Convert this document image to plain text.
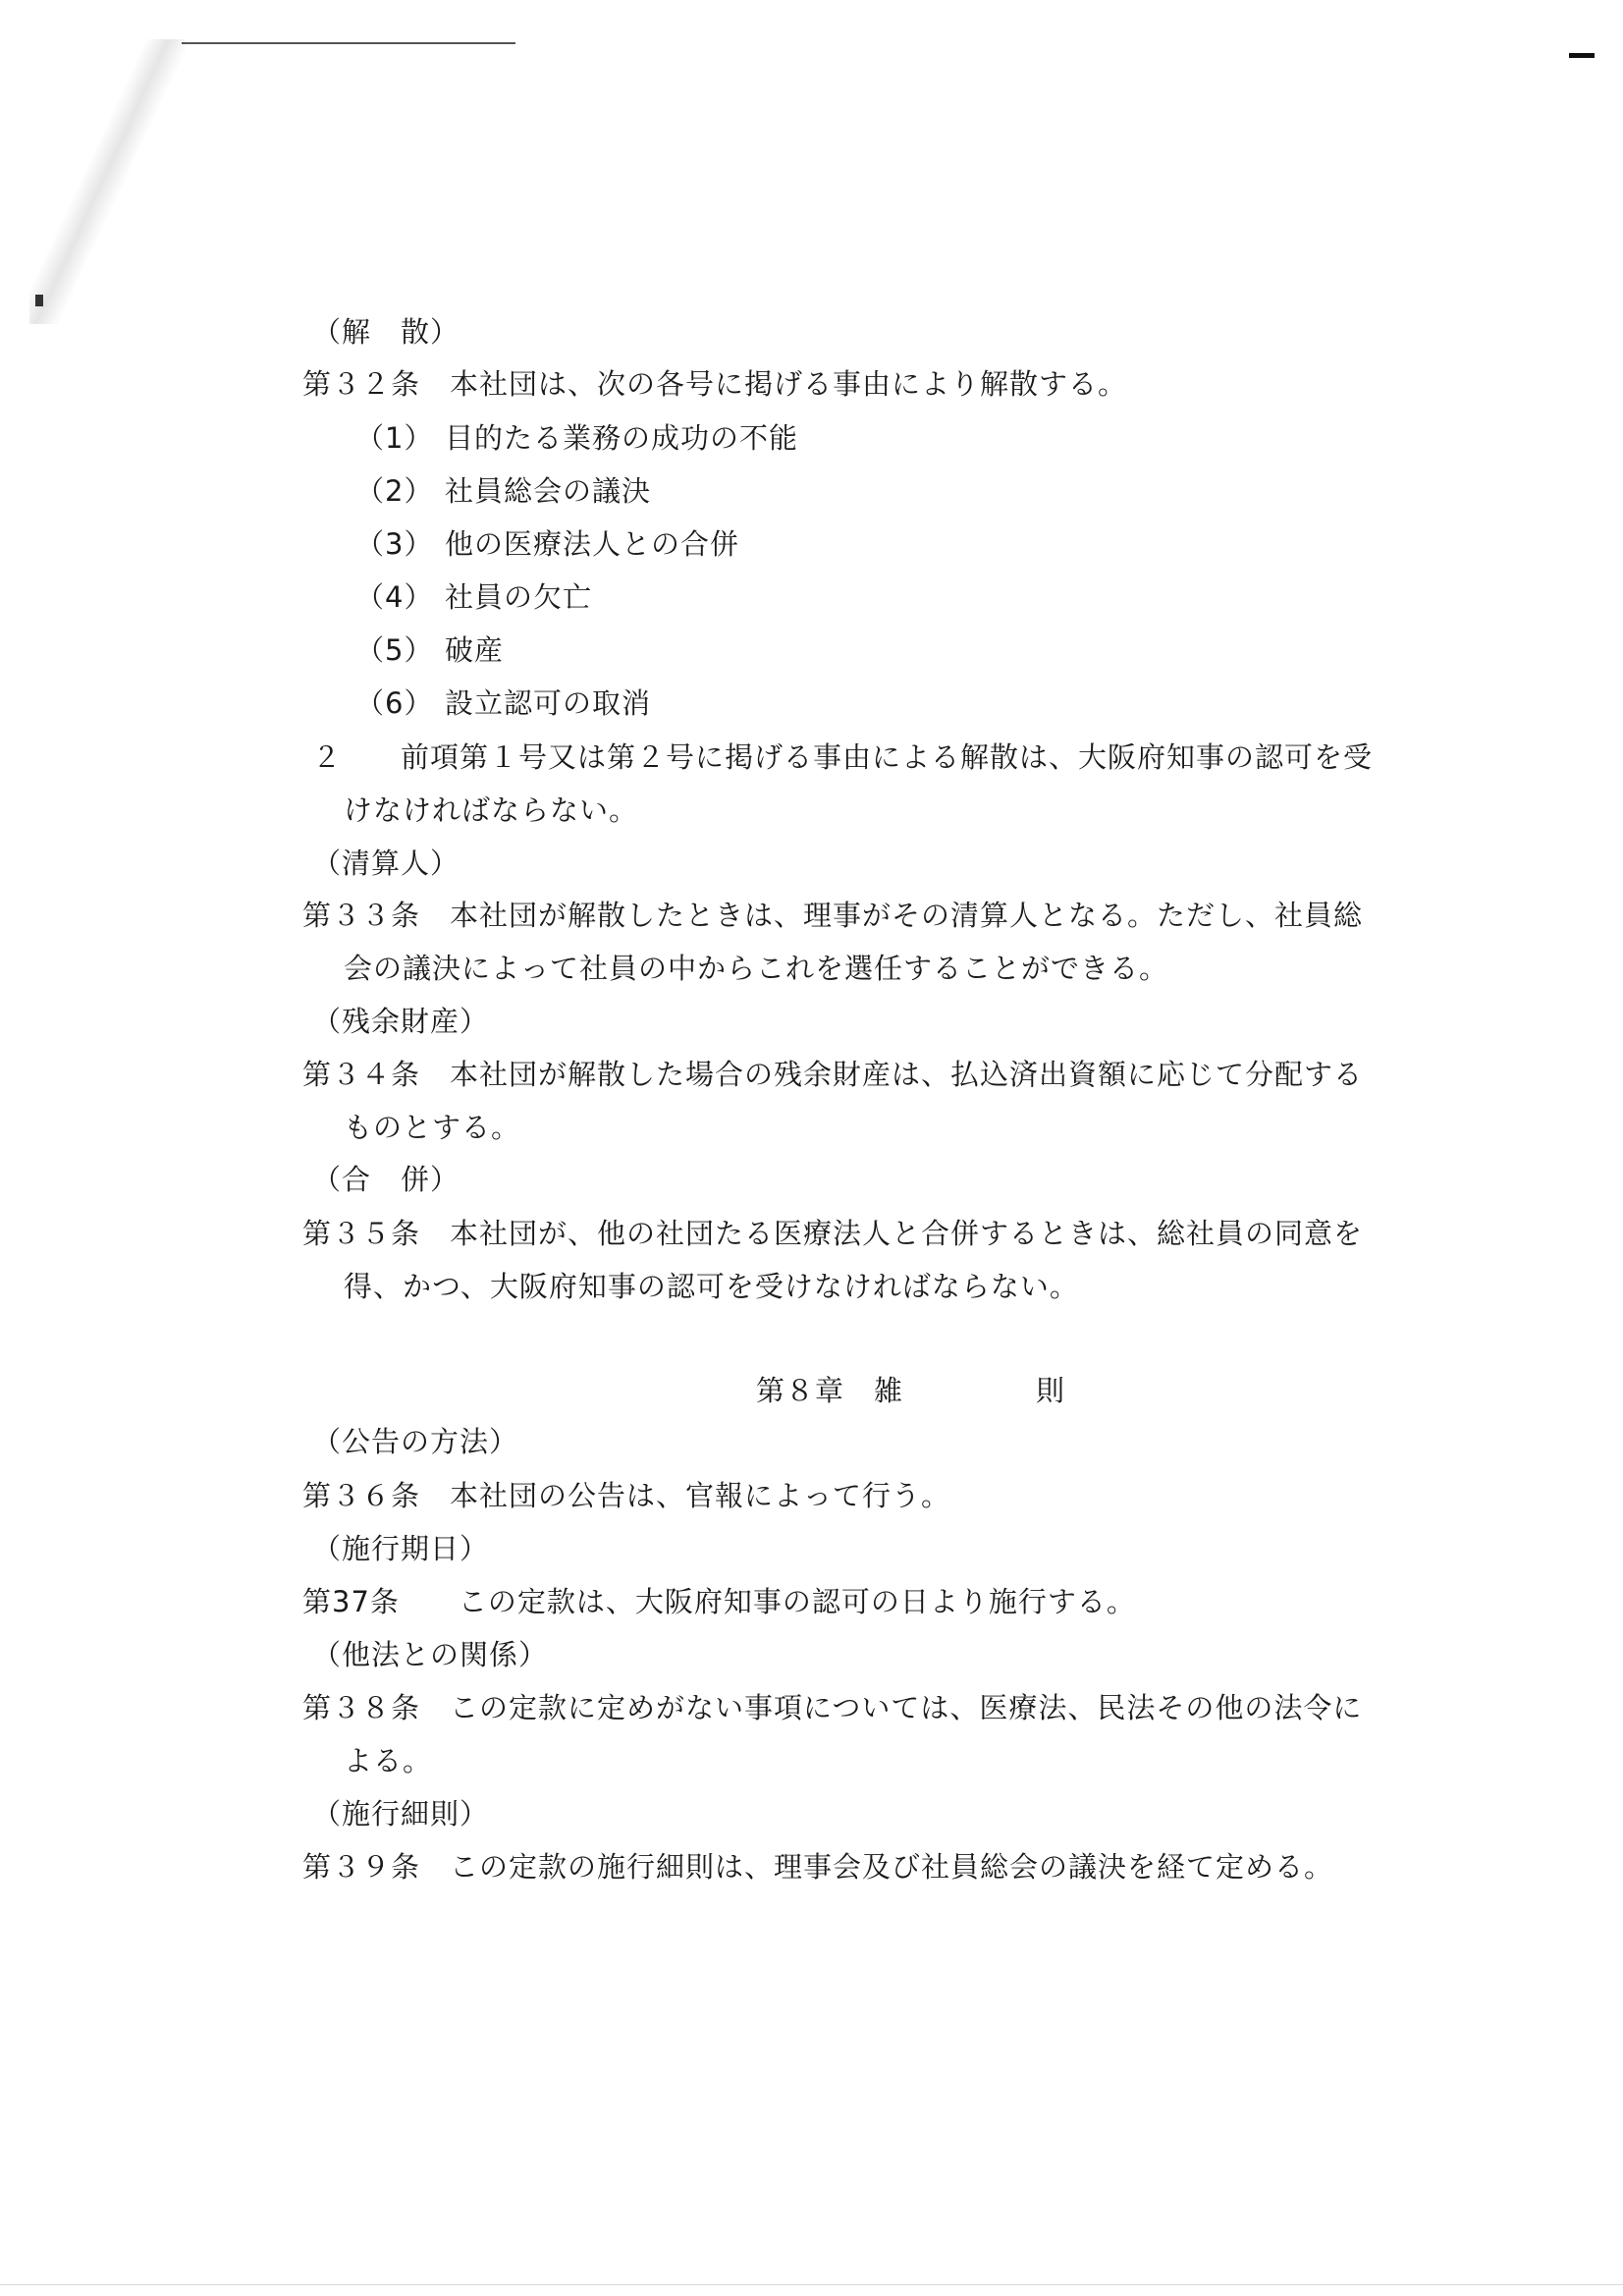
（解　散）
第３２条　本社団は、次の各号に掲げる事由により解散する。
（1） 目的たる業務の成功の不能
（2） 社員総会の議決
（3） 他の医療法人との合併
（4） 社員の欠亡
（5） 破産
（6） 設立認可の取消
２　　前項第１号又は第２号に掲げる事由による解散は、大阪府知事の認可を受
けなければならない。
（清算人）
第３３条　本社団が解散したときは、理事がその清算人となる。ただし、社員総
会の議決によって社員の中からこれを選任することができる。
（残余財産）
第３４条　本社団が解散した場合の残余財産は、払込済出資額に応じて分配する
ものとする。
（合　併）
第３５条　本社団が、他の社団たる医療法人と合併するときは、総社員の同意を
得、かつ、大阪府知事の認可を受けなければならない。
第８章　雑	則
（公告の方法）
第３６条　本社団の公告は、官報によって行う。
（施行期日）
第37条　　この定款は、大阪府知事の認可の日より施行する。
（他法との関係）
第３８条　この定款に定めがない事項については、医療法、民法その他の法令に
よる。
（施行細則）
第３９条　この定款の施行細則は、理事会及び社員総会の議決を経て定める。
